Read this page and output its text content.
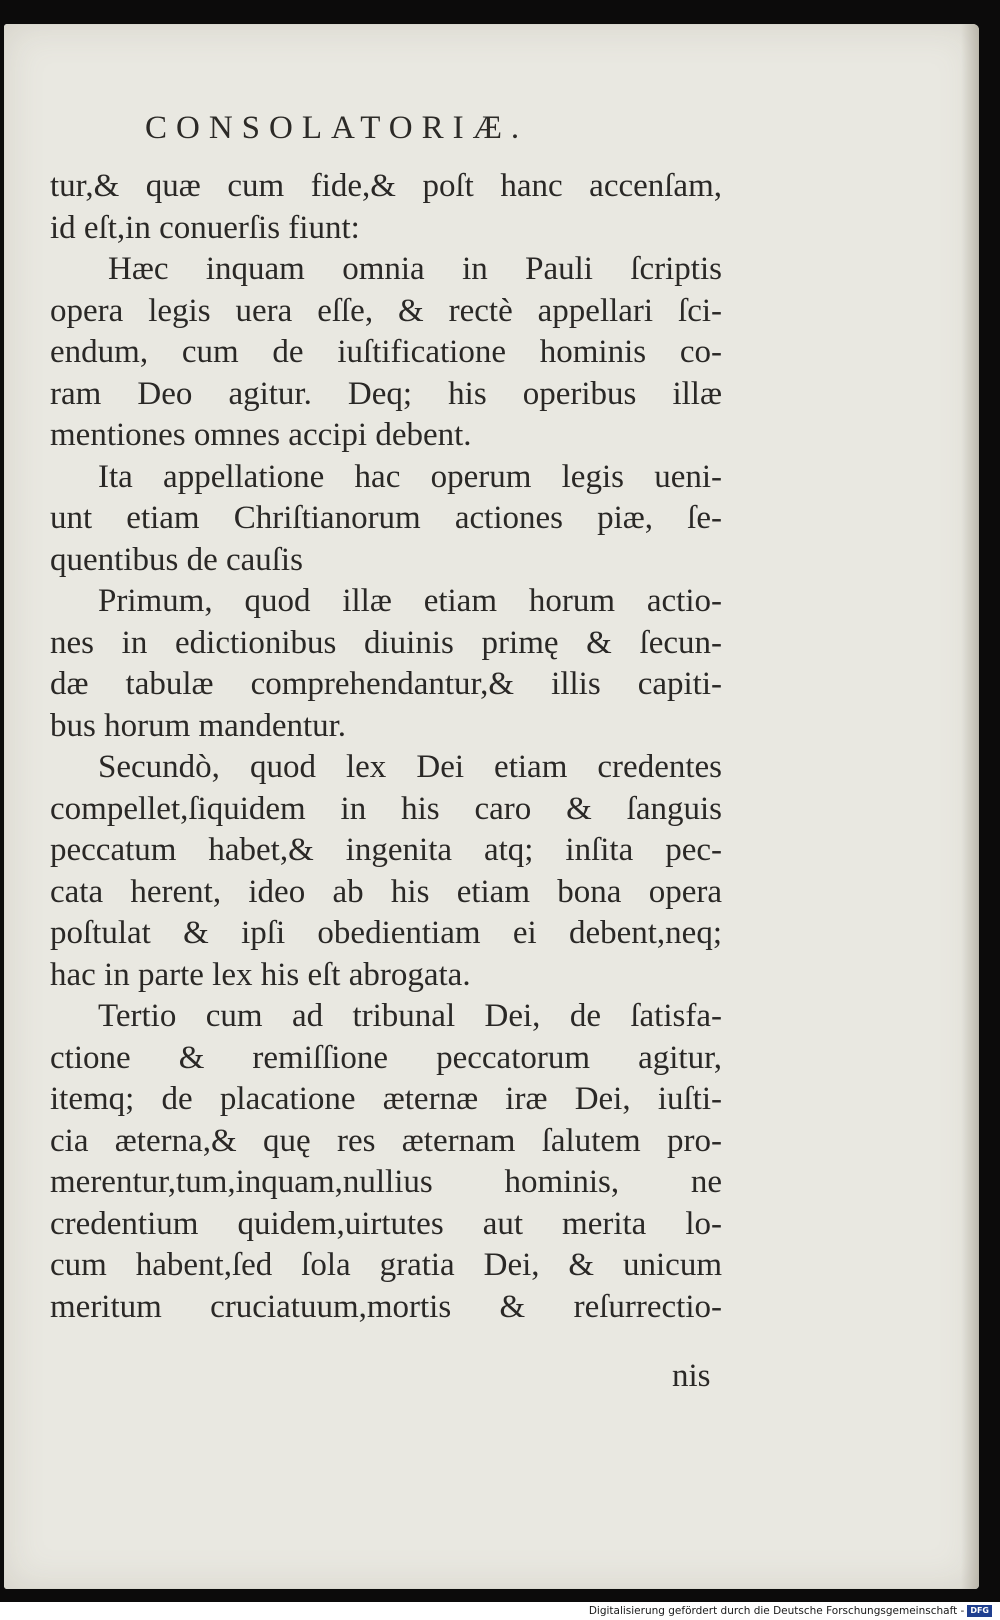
CONSOLATORIÆ.
tur,& quæ cum fide,& poſt hanc accenſam,
id eſt,in conuerſis fiunt:
Hæc inquam omnia in Pauli ſcriptis
opera legis uera eſſe, & rectè appellari ſci-
endum, cum de iuſtificatione hominis co-
ram Deo agitur. Deq; his operibus illæ
mentiones omnes accipi debent.
Ita appellatione hac operum legis ueni-
unt etiam Chriſtianorum actiones piæ, ſe-
quentibus de cauſis
Primum, quod illæ etiam horum actio-
nes in edictionibus diuinis primę & ſecun-
dæ tabulæ comprehendantur,& illis capiti-
bus horum mandentur.
Secundò, quod lex Dei etiam credentes
compellet,ſiquidem in his caro & ſanguis
peccatum habet,& ingenita atq; inſita pec-
cata herent, ideo ab his etiam bona opera
poſtulat & ipſi obedientiam ei debent,neq;
hac in parte lex his eſt abrogata.
Tertio cum ad tribunal Dei, de ſatisfa-
ctione & remiſſione peccatorum agitur,
itemq; de placatione æternæ iræ Dei, iuſti-
cia æterna,& quę res æternam ſalutem pro-
merentur,tum,inquam,nullius hominis, ne
credentium quidem,uirtutes aut merita lo-
cum habent,ſed ſola gratia Dei, & unicum
meritum cruciatuum,mortis & reſurrectio-
nis
Digitalisierung gefördert durch die Deutsche Forschungsgemeinschaft - DFG
